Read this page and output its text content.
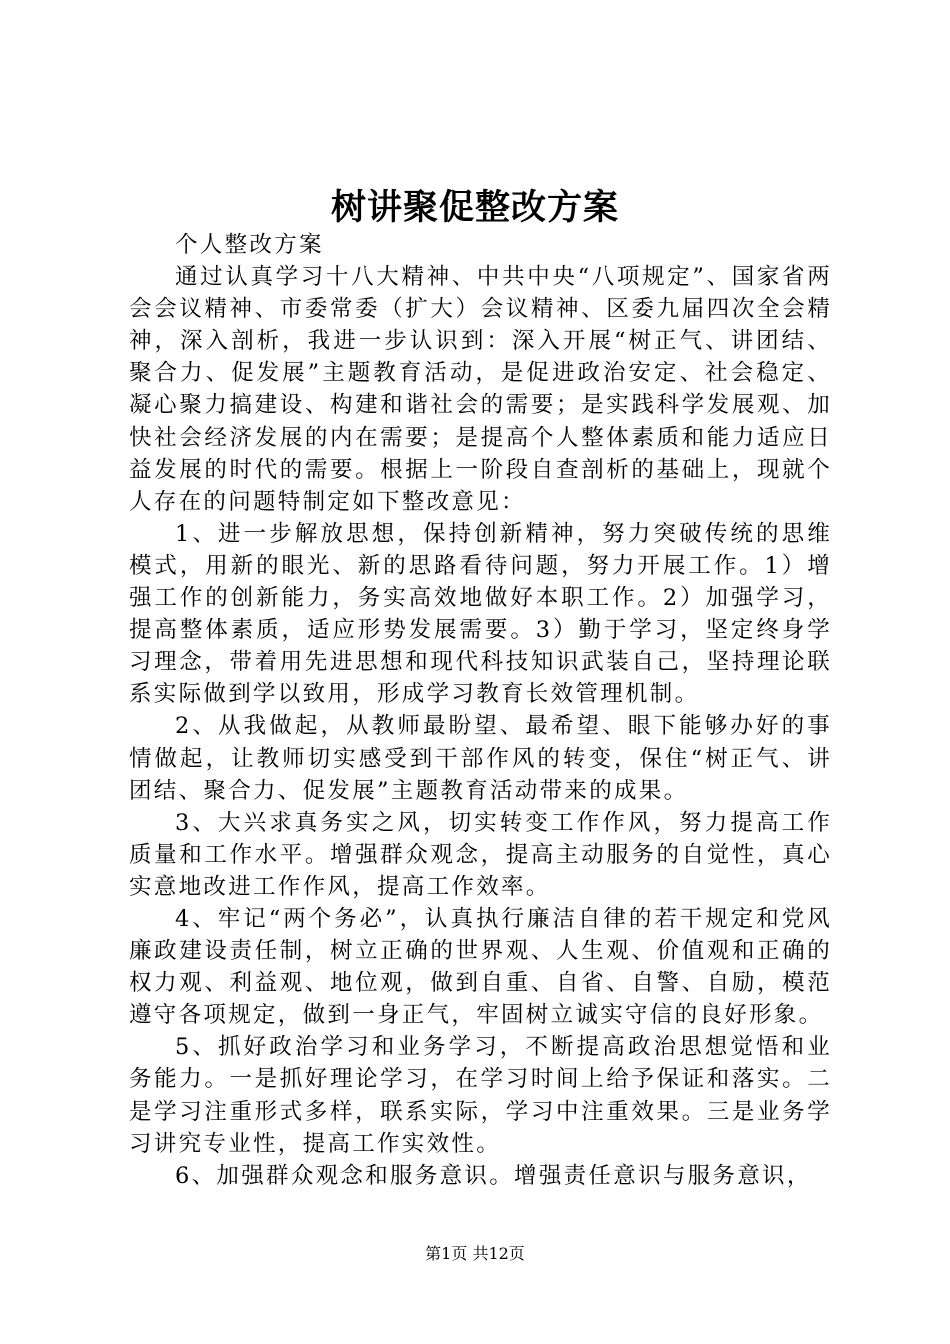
树讲聚促整改方案

个人整改方案

通过认真学习十八大精神、中共中央“八项规定”、国家省两会会议精神、市委常委（扩大）会议精神、区委九届四次全会精神，深入剖析，我进一步认识到：深入开展“树正气、讲团结、聚合力、促发展”主题教育活动，是促进政治安定、社会稳定、凝心聚力搞建设、构建和谐社会的需要；是实践科学发展观、加快社会经济发展的内在需要；是提高个人整体素质和能力适应日益发展的时代的需要。根据上一阶段自查剖析的基础上，现就个人存在的问题特制定如下整改意见：

1、进一步解放思想，保持创新精神，努力突破传统的思维模式，用新的眼光、新的思路看待问题，努力开展工作。1）增强工作的创新能力，务实高效地做好本职工作。2）加强学习，提高整体素质，适应形势发展需要。3）勤于学习，坚定终身学习理念，带着用先进思想和现代科技知识武装自己，坚持理论联系实际做到学以致用，形成学习教育长效管理机制。

2、从我做起，从教师最盼望、最希望、眼下能够办好的事情做起，让教师切实感受到干部作风的转变，保住“树正气、讲团结、聚合力、促发展”主题教育活动带来的成果。

3、大兴求真务实之风，切实转变工作作风，努力提高工作质量和工作水平。增强群众观念，提高主动服务的自觉性，真心实意地改进工作作风，提高工作效率。

4、牢记“两个务必”，认真执行廉洁自律的若干规定和党风廉政建设责任制，树立正确的世界观、人生观、价值观和正确的权力观、利益观、地位观，做到自重、自省、自警、自励，模范遵守各项规定，做到一身正气，牢固树立诚实守信的良好形象。

5、抓好政治学习和业务学习，不断提高政治思想觉悟和业务能力。一是抓好理论学习，在学习时间上给予保证和落实。二是学习注重形式多样，联系实际，学习中注重效果。三是业务学习讲究专业性，提高工作实效性。

6、加强群众观念和服务意识。增强责任意识与服务意识，

第1页 共12页
